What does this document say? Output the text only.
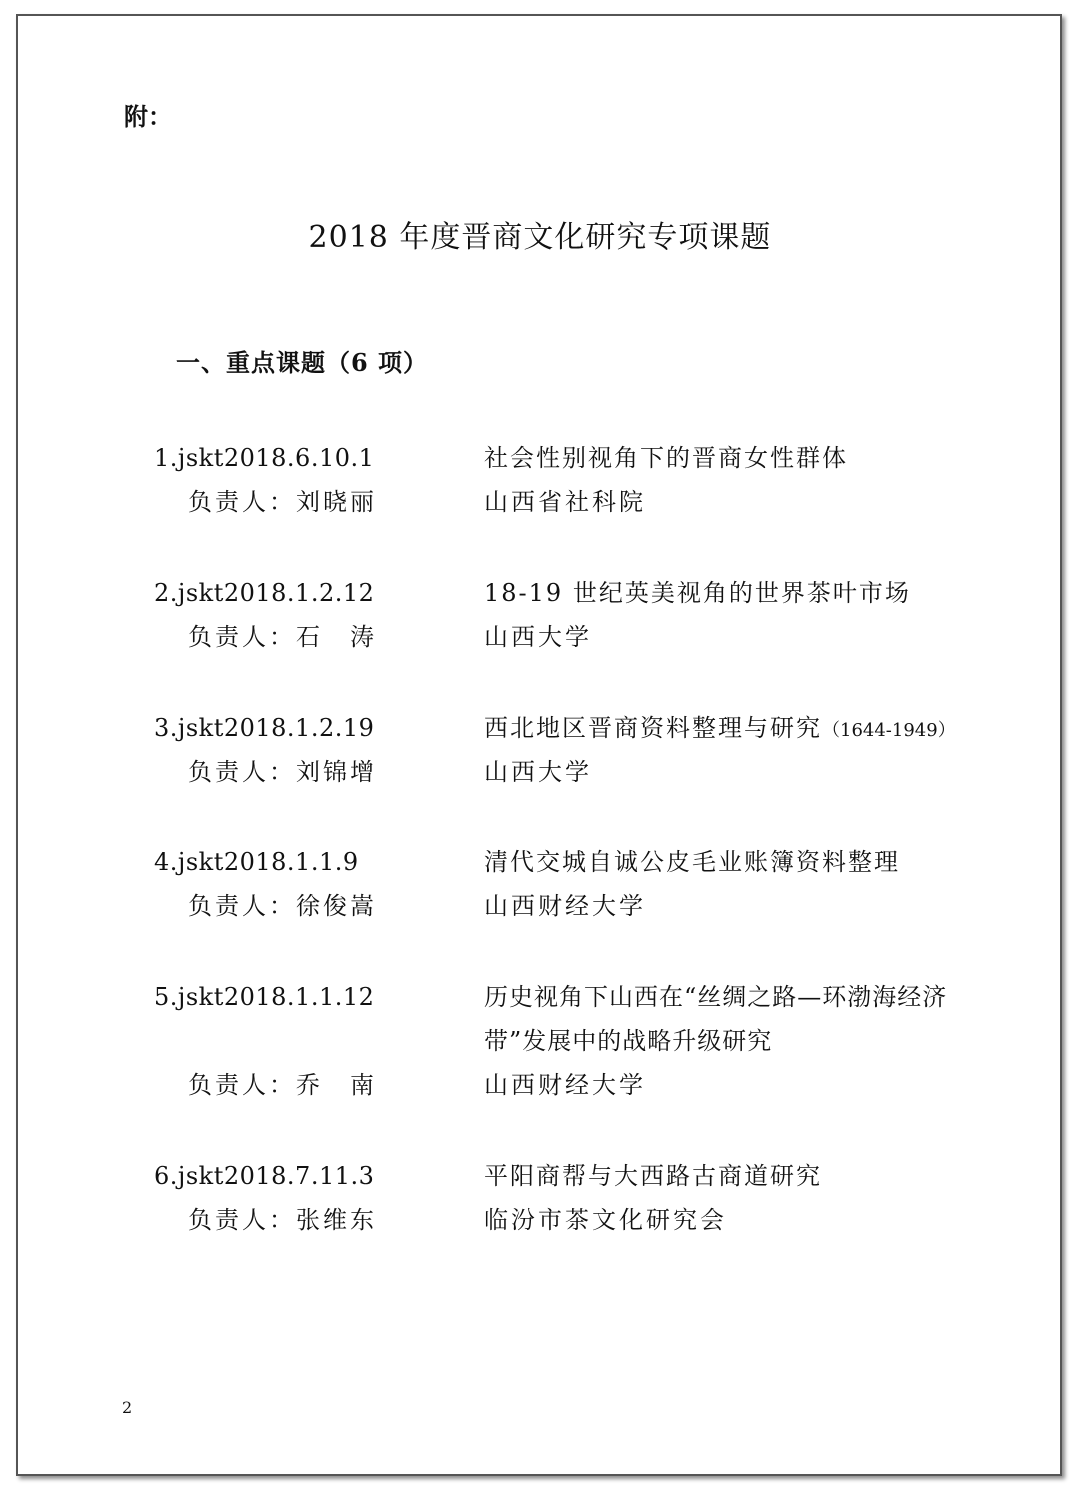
附：
2018 年度晋商文化研究专项课题
一、重点课题（6 项）
1.jskt2018.6.10.1	社会性别视角下的晋商女性群体
负责人：刘晓丽	山西省社科院
2.jskt2018.1.2.12	18-19 世纪英美视角的世界茶叶市场
负责人：石　涛	山西大学
3.jskt2018.1.2.19	西北地区晋商资料整理与研究（1644-1949）
负责人：刘锦增	山西大学
4.jskt2018.1.1.9	清代交城自诚公皮毛业账簿资料整理
负责人：徐俊嵩	山西财经大学
5.jskt2018.1.1.12	历史视角下山西在“丝绸之路—环渤海经济
带”发展中的战略升级研究
负责人：乔　南	山西财经大学
6.jskt2018.7.11.3	平阳商帮与大西路古商道研究
负责人：张维东	临汾市茶文化研究会
2
